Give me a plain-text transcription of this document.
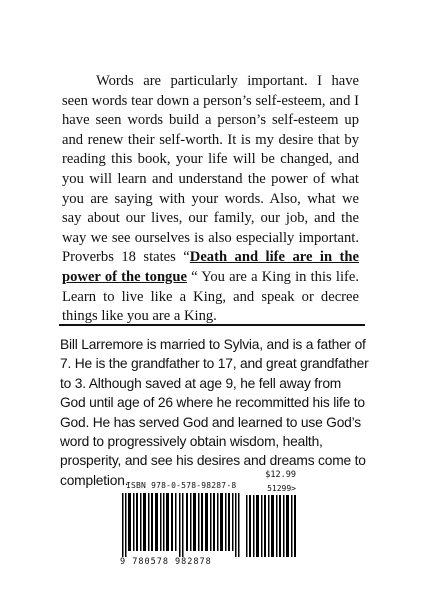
Words are particularly important. I have seen words tear down a person’s self-esteem, and I have seen words build a person’s self-esteem up and renew their self-worth. It is my desire that by reading this book, your life will be changed, and you will learn and understand the power of what you are saying with your words. Also, what we say about our lives, our family, our job, and the way we see ourselves is also especially important. Proverbs 18 states “Death and life are in the power of the tongue “ You are a King in this life. Learn to live like a King, and speak or decree things like you are a King.

Bill Larremore is married to Sylvia, and is a father of 7. He is the grandfather to 17, and great grandfather to 3. Although saved at age 9, he fell away from God until age of 26 where he recommitted his life to God. He has served God and learned to use God’s word to progressively obtain wisdom, health, prosperity, and see his desires and dreams come to completion.	$12.99
ISBN 978-0-578-98287-8	51299>
9 780578 982878
